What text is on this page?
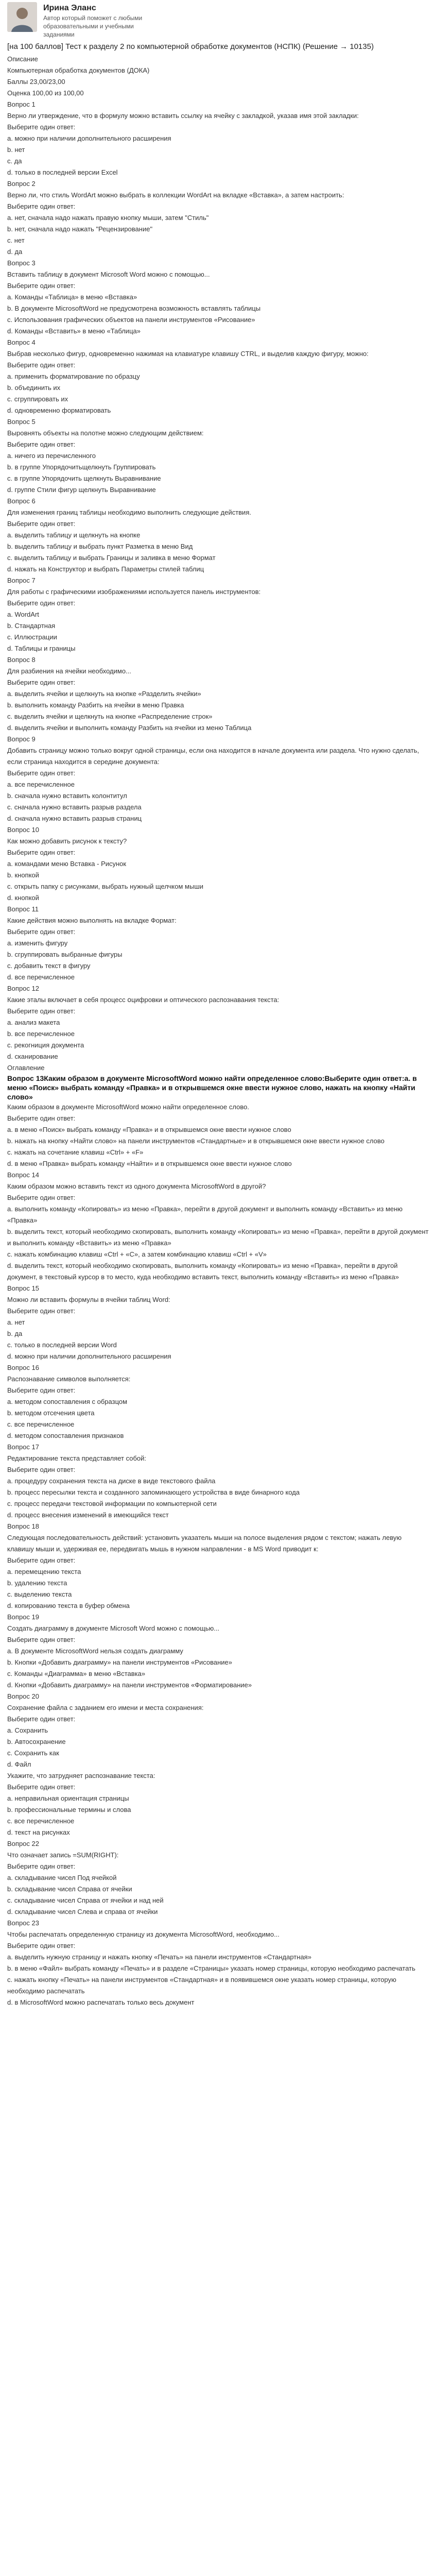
Ирина Эланс
Автор который поможет с любыми образовательными и учебными заданиями
[на 100 баллов] Тест к разделу 2 по компьютерной обработке документов (НСПК) (Решение → 10135)

Описание

Компьютерная обработка документов (ДОКА)

Баллы 23,00/23,00

Оценка 100,00 из 100,00

Вопрос 1

Верно ли утверждение, что в формулу можно вставить ссылку на ячейку с закладкой, указав имя этой закладки:

Выберите один ответ:

a. можно при наличии дополнительного расширения

b. нет

c. да

d. только в последней версии Excel

Вопрос 2

Верно ли, что стиль WordArt можно выбрать в коллекции WordArt на вкладке «Вставка», а затем настроить:

Выберите один ответ:

a. нет, сначала надо нажать правую кнопку мыши, затем "Стиль"

b. нет, сначала надо нажать "Рецензирование"

c. нет

d. да

Вопрос 3

Вставить таблицу в документ Microsoft Word можно с помощью...

Выберите один ответ:

a. Команды «Таблица» в меню «Вставка»

b. В документе MicrosoftWord не предусмотрена возможность вставлять таблицы

c. Использования графических объектов на панели инструментов «Рисование»

d. Команды «Вставить» в меню «Таблица»

Вопрос 4

Выбрав несколько фигур, одновременно нажимая на клавиатуре клавишу CTRL, и выделив каждую фигуру, можно:

Выберите один ответ:

a. применить форматирование по образцу

b. объединить их

c. сгруппировать их

d. одновременно форматировать

Вопрос 5

Выровнять объекты на полотне можно следующим действием:

Выберите один ответ:

a. ничего из перечисленного

b. в группе Упорядочитьщелкнуть Группировать

c. в группе Упорядочить щелкнуть Выравнивание

d. группе Стили фигур щелкнуть Выравнивание

Вопрос 6

Для изменения границ таблицы необходимо выполнить следующие действия.

Выберите один ответ:

a. выделить таблицу и щелкнуть на кнопке

b. выделить таблицу и выбрать пункт Разметка в меню Вид

c. выделить таблицу и выбрать Границы и заливка в меню Формат

d. нажать на Конструктор и выбрать Параметры стилей таблиц

Вопрос 7

Для работы с графическими изображениями используется панель инструментов:

Выберите один ответ:

a. WordArt

b. Стандартная

c. Иллюстрации

d. Таблицы и границы

Вопрос 8

Для разбиения на ячейки необходимо...

Выберите один ответ:

a. выделить ячейки и щелкнуть на кнопке «Разделить ячейки»

b. выполнить команду Разбить на ячейки в меню Правка

c. выделить ячейки и щелкнуть на кнопке «Распределение строк»

d. выделить ячейки и выполнить команду Разбить на ячейки из меню Таблица

Вопрос 9

Добавить страницу можно только вокруг одной страницы, если она находится в начале документа или раздела. Что нужно сделать, если страница находится в середине документа:

Выберите один ответ:

a. все перечисленное

b. сначала нужно вставить колонтитул

c. сначала нужно вставить разрыв раздела

d. сначала нужно вставить разрыв страниц

Вопрос 10

Как можно добавить рисунок к тексту?

Выберите один ответ:

a. командами меню Вставка - Рисунок

b. кнопкой

c. открыть папку с рисунками, выбрать нужный щелчком мыши

d. кнопкой

Вопрос 11

Какие действия можно выполнять на вкладке Формат:

Выберите один ответ:

a. изменить фигуру

b. сгруппировать выбранные фигуры

c. добавить текст в фигуру

d. все перечисленное

Вопрос 12

Какие эталы включает в себя процесс օцифровки и оптического распознавания текста:

Выберите один ответ:

a. анализ макета

b. все перечисленное

c. рекогниция документа

d. сканирование

Оглавление

Вопрос 13Каким образом в документе MicrosoftWord можно найти определенное слово:Выберите один ответ:a. в меню «Поиск» выбрать команду «Правка» и в открывшемся окне ввести нужное слово, нажать на кнопку «Найти слово»

Каким образом в документе MicrosoftWord можно найти определенное слово.

Выберите один ответ:

a. в меню «Поиск» выбрать команду «Правка» и в открывшемся окне ввести нужное слово

b. нажать на кнопку «Найти слово» на панели инструментов «Стандартные» и в открывшемся окне ввести нужное слово

c. нажать на сочетание клавиш «Ctrl» + «F»

d. в меню «Правка» выбрать команду «Найти» и в открывшемся окне ввести нужное слово

Вопрос 14

Каким образом можно вставить текст из одного документа MicrosoftWord в другой?

Выберите один ответ:

a. выполнить команду «Копировать» из меню «Правка», перейти в другой документ и выполнить команду «Вставить» из меню «Правка»

b. выделить текст, который необходимо скопировать, выполнить команду «Копировать» из меню «Правка», перейти в другой документ и выполнить команду «Вставить» из меню «Правка»

c. нажать комбинацию клавиш «Ctrl + «C», а затем комбинацию клавиш «Ctrl + «V»

d. выделить текст, который необходимо скопировать, выполнить команду «Копировать» из меню «Правка», перейти в другой документ, в текстовый курсор в то место, куда необходимо вставить текст, выполнить команду «Вставить» из меню «Правка»

Вопрос 15

Можно ли вставить формулы в ячейки таблиц Word:

Выберите один ответ:

a. нет

b. да

c. только в последней версии Word

d. можно при наличии дополнительного расширения

Вопрос 16

Распознавание символов выполняется:

Выберите один ответ:

a. методом сопоставления с образцом

b. методом отсечения цвета

c. все перечисленное

d. методом сопоставления признаков

Вопрос 17

Редактирование текста представляет собой:

Выберите один ответ:

a. процедуру сохранения текста на диске в виде текстового файла

b. процесс пересылки текста и созданного запоминающего устройства в виде бинарного кода

c. процесс передачи текстовой информации по компьютерной сети

d. процесс внесения изменений в имеющийся текст

Вопрос 18

Следующая последовательность действий: установить указатель мыши на полосе выделения рядом с текстом; нажать левую клавишу мыши и, удерживая ее, передвигать мышь в нужном направлении - в MS Word приводит к:

Выберите один ответ:

a. перемещению текста

b. удалению текста

c. выделению текста

d. копированию текста в буфер обмена

Вопрос 19

Создать диаграмму в документе Microsoft Word можно с помощью...

Выберите один ответ:

a. В документе MicrosoftWord нельзя создать диаграмму

b. Кнопки «Добавить диаграмму» на панели инструментов «Рисование»

c. Команды «Диаграмма» в меню «Вставка»

d. Кнопки «Добавить диаграмму» на панели инструментов «Форматирование»

Вопрос 20

Сохранение файла с заданием его имени и места сохранения:

Выберите один ответ:

a. Сохранить

b. Автосохранение

c. Сохранить как

d. Файл

Укажите, что затрудняет распознавание текста:

Выберите один ответ:

a. неправильная ориентация страницы

b. профессиональные термины и слова

c. все перечисленное

d. текст на рисунках

Вопрос 22

Что означает запись =SUM(RIGHT):

Выберите один ответ:

a. складывание чисел Под ячейкой

b. складывание чисел Справа от ячейки

c. складывание чисел Справа от ячейки и над ней

d. складывание чисел Слева и справа от ячейки

Вопрос 23

Чтобы распечатать определенную страницу из документа MicrosoftWord, необходимо...

Выберите один ответ:

a. выделить нужную страницу и нажать кнопку «Печать» на панели инструментов «Стандартная»

b. в меню «Файл» выбрать команду «Печать» и в разделе «Страницы» указать номер страницы, которую необходимо распечатать

c. нажать кнопку «Печать» на панели инструментов «Стандартная» и в появившемся окне указать номер страницы, которую необходимо распечатать

d. в MicrosoftWord можно распечатать только весь документ
